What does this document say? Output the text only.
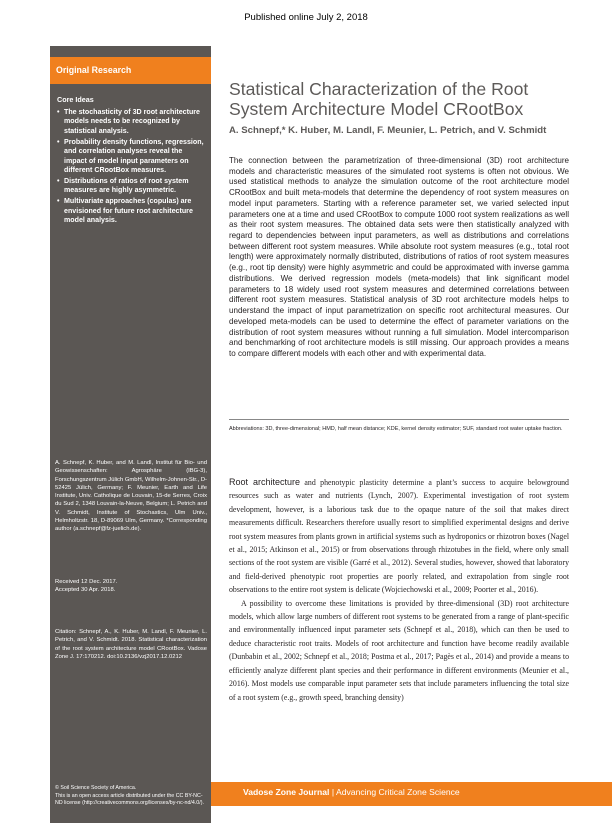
Published online July 2, 2018
Original Research
Core Ideas
• The stochasticity of 3D root architecture models needs to be recognized by statistical analysis.
• Probability density functions, regression, and correlation analyses reveal the impact of model input parameters on different CRootBox measures.
• Distributions of ratios of root system measures are highly asymmetric.
• Multivariate approaches (copulas) are envisioned for future root architecture model analysis.
A. Schnepf, K. Huber, and M. Landl, Institut für Bio- und Geowissenschaften: Agrosphäre (IBG-3), Forschungszentrum Jülich GmbH, Wilhelm-Johnen-Str., D-52425 Jülich, Germany; F. Meunier, Earth and Life Institute, Univ. Catholique de Louvain, 15-de Serres, Croix du Sud 2, 1348 Louvain-la-Neuve, Belgium; L. Petrich and V. Schmidt, Institute of Stochastics, Ulm Univ., Helmholtzstr. 18, D-89069 Ulm, Germany. *Corresponding author (a.schnepf@fz-juelich.de).
Received 12 Dec. 2017.
Accepted 30 Apr. 2018.
Citation: Schnepf, A., K. Huber, M. Landl, F. Meunier, L. Petrich, and V. Schmidt. 2018. Statistical characterization of the root system architecture model CRootBox. Vadose Zone J. 17:170212. doi:10.2136/vzj2017.12.0212
© Soil Science Society of America.
This is an open access article distributed under the CC BY-NC-ND license (http://creativecommons.org/licenses/by-nc-nd/4.0/).
Statistical Characterization of the Root System Architecture Model CRootBox
A. Schnepf,* K. Huber, M. Landl, F. Meunier, L. Petrich, and V. Schmidt
The connection between the parametrization of three-dimensional (3D) root architecture models and characteristic measures of the simulated root systems is often not obvious. We used statistical methods to analyze the simulation outcome of the root architecture model CRootBox and built meta-models that determine the dependency of root system measures on model input parameters. Starting with a reference parameter set, we varied selected input parameters one at a time and used CRootBox to compute 1000 root system realizations as well as their root system measures. The obtained data sets were then statistically analyzed with regard to dependencies between input parameters, as well as distributions and correlations between different root system measures. While absolute root system measures (e.g., total root length) were approximately normally distributed, distributions of ratios of root system measures (e.g., root tip density) were highly asymmetric and could be approximated with inverse gamma distributions. We derived regression models (meta-models) that link significant model parameters to 18 widely used root system measures and determined correlations between different root system measures. Statistical analysis of 3D root architecture models helps to understand the impact of input parametrization on specific root architectural measures. Our developed meta-models can be used to determine the effect of parameter variations on the distribution of root system measures without running a full simulation. Model intercomparison and benchmarking of root architecture models is still missing. Our approach provides a means to compare different models with each other and with experimental data.
Abbreviations: 3D, three-dimensional; HMD, half mean distance; KDE, kernel density estimator; SUF, standard root water uptake fraction.

Root architecture and phenotypic plasticity determine a plant’s success to acquire belowground resources such as water and nutrients (Lynch, 2007). Experimental investigation of root system development, however, is a laborious task due to the opaque nature of the soil that makes direct measurements difficult. Researchers therefore usually resort to simplified experimental designs and derive root system measures from plants grown in artificial systems such as hydroponics or rhizotron boxes (Nagel et al., 2015; Atkinson et al., 2015) or from observations through rhizotubes in the field, where only small sections of the root system are visible (Garré et al., 2012). Several studies, however, showed that laboratory and field-derived phenotypic root properties are poorly related, and extrapolation from single root observations to the entire root system is delicate (Wojciechowski et al., 2009; Poorter et al., 2016).

A possibility to overcome these limitations is provided by three-dimensional (3D) root architecture models, which allow large numbers of different root systems to be generated from a range of plant-specific and environmentally influenced input parameter sets (Schnepf et al., 2018), which can then be used to deduce characteristic root traits. Models of root architecture and function have become readily available (Dunbabin et al., 2002; Schnepf et al., 2018; Postma et al., 2017; Pagès et al., 2014) and provide a means to efficiently analyze different plant species and their performance in different environments (Meunier et al., 2016). Most models use comparable input parameter sets that include parameters influencing the total size of a root system (e.g., growth speed, branching density)

Vadose Zone Journal | Advancing Critical Zone Science
